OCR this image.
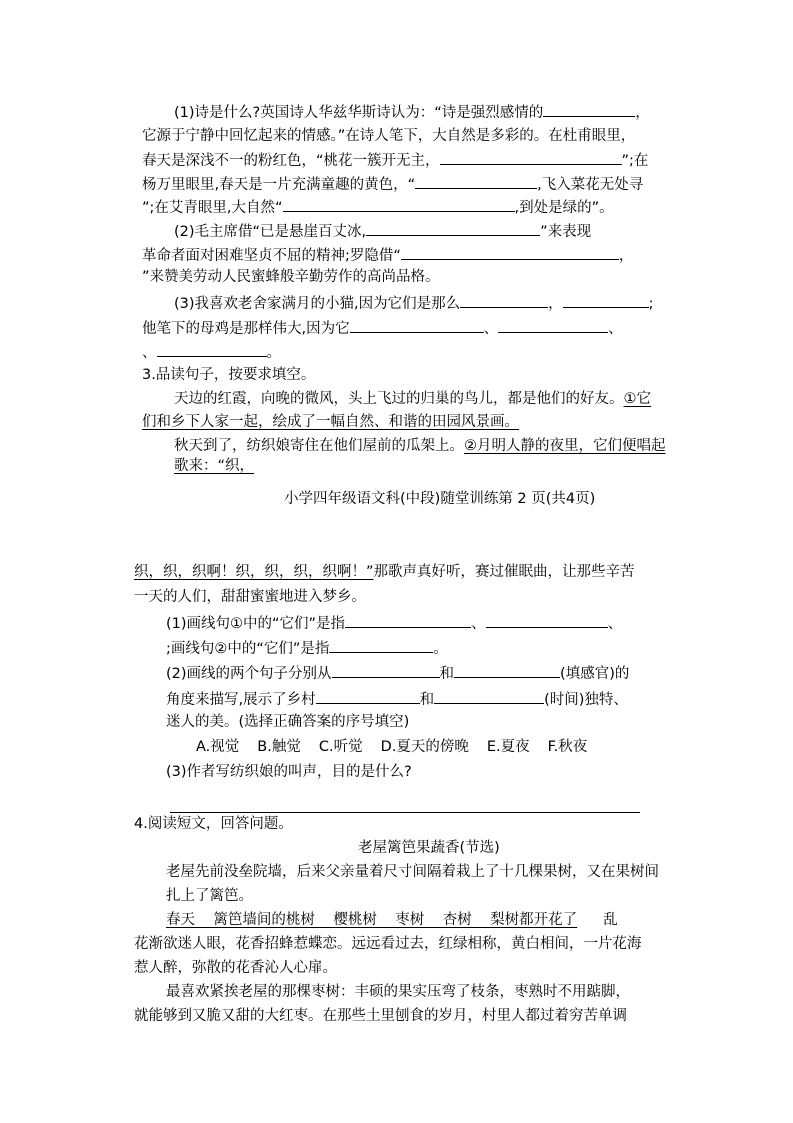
(1)诗是什么?英国诗人华兹华斯诗认为：“诗是强烈感情的	，
它源于宁静中回忆起来的情感。”在诗人笔下，大自然是多彩的。在杜甫眼里，
春天是深浅不一的粉红色，“桃花一簇开无主，	”;在
杨万里眼里,春天是一片充满童趣的黄色，“	,飞入菜花无处寻
”;在艾青眼里,大自然“	,到处是绿的”。
(2)毛主席借“已是悬崖百丈冰,	”来表现
革命者面对困难坚贞不屈的精神;罗隐借“	，
”来赞美劳动人民蜜蜂般辛勤劳作的高尚品格。
(3)我喜欢老舍家满月的小猫,因为它们是那么	，	;
他笔下的母鸡是那样伟大,因为它	、	、
、	。
3.品读句子，按要求填空。
天边的红霞，向晚的微风，头上飞过的归巢的鸟儿，都是他们的好友。①它
们和乡下人家一起，绘成了一幅自然、和谐的田园风景画。
秋天到了，纺织娘寄住在他们屋前的瓜架上。②月明人静的夜里，它们便唱起
歌来：“织，
小学四年级语文科(中段)随堂训练第 2 页(共4页)
织，织，织啊！织，织，织，织啊！”那歌声真好听，赛过催眠曲，让那些辛苦
一天的人们，甜甜蜜蜜地进入梦乡。
(1)画线句①中的“它们”是指	、	、
;画线句②中的“它们”是指	。
(2)画线的两个句子分别从	和	(填感官)的
角度来描写,展示了乡村	和	(时间)独特、
迷人的美。(选择正确答案的序号填空)
A.视觉 B.触觉 C.听觉 D.夏天的傍晚 E.夏夜 F.秋夜
(3)作者写纺织娘的叫声，目的是什么?
4.阅读短文，回答问题。
老屋篱笆果蔬香(节选)
老屋先前没垒院墙，后来父亲量着尺寸间隔着栽上了十几棵果树，又在果树间
扎上了篱笆。
春天    篱笆墙间的桃树    樱桃树    枣树    杏树    梨树都开花了 乱
花渐欲迷人眼，花香招蜂惹蝶恋。远远看过去，红绿相称，黄白相间，一片花海
惹人醉，弥散的花香沁人心扉。
最喜欢紧挨老屋的那棵枣树：丰硕的果实压弯了枝条，枣熟时不用踮脚，
就能够到又脆又甜的大红枣。在那些土里刨食的岁月，村里人都过着穷苦单调
